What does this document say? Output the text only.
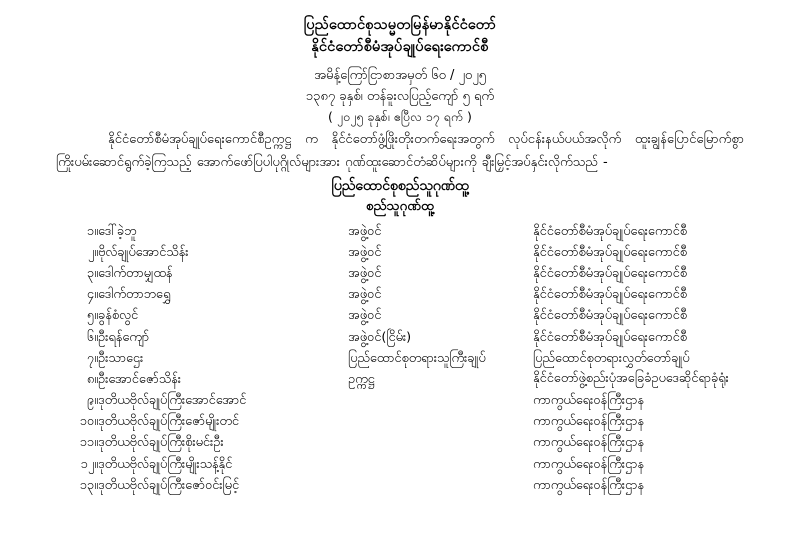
ပြည်ထောင်စုသမ္မတမြန်မာနိုင်ငံတော်
နိုင်ငံတော်စီမံအုပ်ချုပ်ရေးကောင်စီ
အမိန့်ကြော်ငြာစာအမှတ် ၆၀ / ၂၀၂၅
၁၃၈၇ ခုနှစ်၊ တန်ခူးလပြည့်ကျော် ၅ ရက်
( ၂၀၂၅ ခုနှစ်၊ ဧပြီလ ၁၇ ရက် )
နိုင်ငံတော်စီမံအုပ်ချုပ်ရေးကောင်စီဥက္ကဋ္ဌ က နိုင်ငံတော်ဖွံ့ဖြိုးတိုးတက်ရေးအတွက် လုပ်ငန်းနယ်ပယ်အလိုက် ထူးချွန်ပြောင်မြောက်စွာ ကြိုးပမ်းဆောင်ရွက်ခဲ့ကြသည့် အောက်ဖော်ပြပါပုဂ္ဂိုလ်များအား ဂုဏ်ထူးဆောင်တံဆိပ်များကို ချီးမြှင့်အပ်နှင်းလိုက်သည် -
ပြည်ထောင်စုစည်သူဂုဏ်ထူ့
စည်သူဂုဏ်ထူ့
၁။	ဒေါ်ခဲ့ဘူ	အဖွဲ့ဝင်	နိုင်ငံတော်စီမံအုပ်ချုပ်ရေးကောင်စီ
၂။	ဗိုလ်ချုပ်အောင်သိန်း	အဖွဲ့ဝင်	နိုင်ငံတော်စီမံအုပ်ချုပ်ရေးကောင်စီ
၃။	ဒေါက်တာမျှထန်	အဖွဲ့ဝင်	နိုင်ငံတော်စီမံအုပ်ချုပ်ရေးကောင်စီ
၄။	ဒေါက်တာဘရွှေ	အဖွဲ့ဝင်	နိုင်ငံတော်စီမံအုပ်ချုပ်ရေးကောင်စီ
၅။	ခွန်စံလွင်	အဖွဲ့ဝင်	နိုင်ငံတော်စီမံအုပ်ချုပ်ရေးကောင်စီ
၆။	ဦးရန်ကျော်	အဖွဲ့ဝင်(ငြိမ်း)	နိုင်ငံတော်စီမံအုပ်ချုပ်ရေးကောင်စီ
၇။	ဦးသာဌေး	ပြည်ထောင်စုတရားသူကြီးချုပ်	ပြည်ထောင်စုတရားလွှတ်တော်ချုပ်
၈။	ဦးအောင်ဇော်သိန်း	ဥက္ကဋ္ဌ	နိုင်ငံတော်ဖွဲ့စည်းပုံအခြေခံဥပဒေဆိုင်ရာခုံရုံး
၉။	ဒုတိယဗိုလ်ချုပ်ကြီးအောင်အောင်		ကာကွယ်ရေးဝန်ကြီးဌာန
၁၀။	ဒုတိယဗိုလ်ချုပ်ကြီးဇော်မျိုးတင်		ကာကွယ်ရေးဝန်ကြီးဌာန
၁၁။	ဒုတိယဗိုလ်ချုပ်ကြီးစိုးမင်းဦး		ကာကွယ်ရေးဝန်ကြီးဌာန
၁၂။	ဒုတိယဗိုလ်ချုပ်ကြီးမျိုးသန့်နိုင်		ကာကွယ်ရေးဝန်ကြီးဌာန
၁၃။	ဒုတိယဗိုလ်ချုပ်ကြီးဇော်ဝင်းမြင့်		ကာကွယ်ရေးဝန်ကြီးဌာန
